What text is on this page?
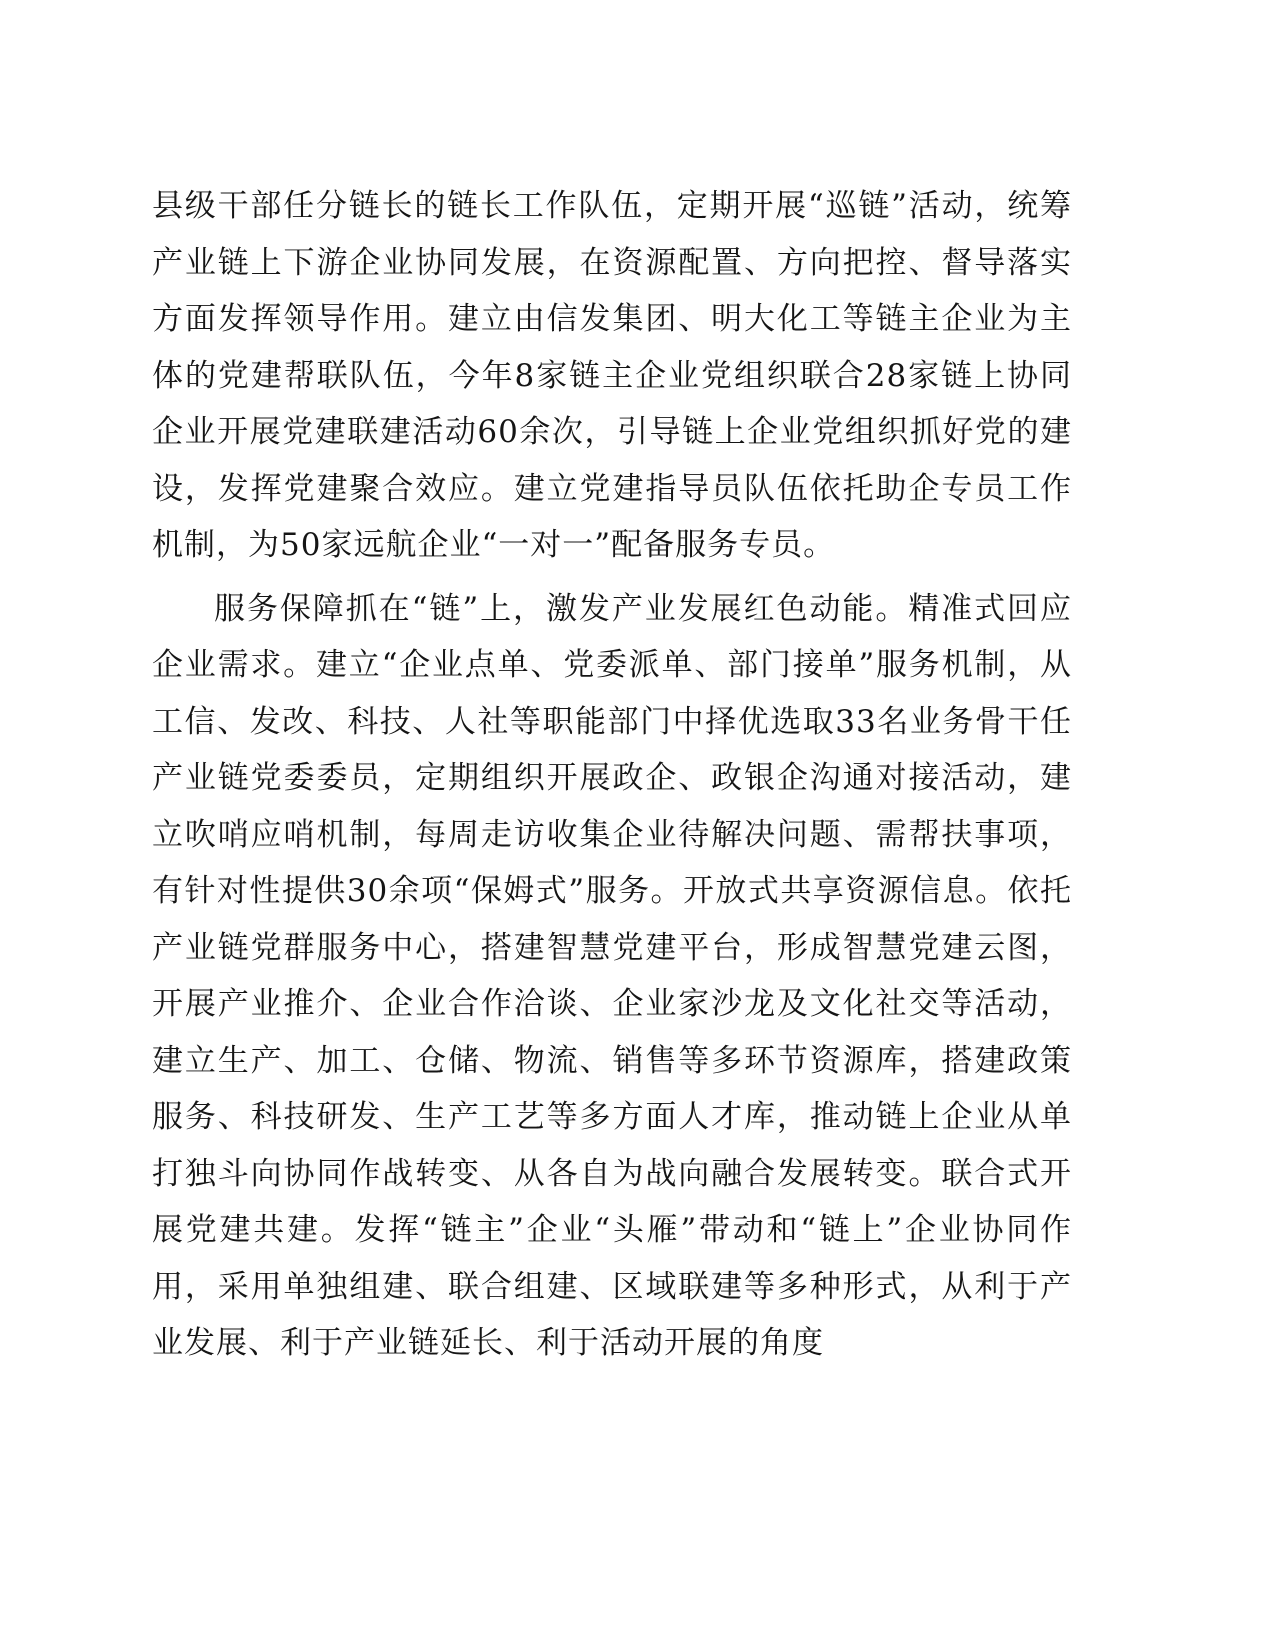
县级干部任分链长的链长工作队伍，定期开展“巡链”活动，统筹产业链上下游企业协同发展，在资源配置、方向把控、督导落实方面发挥领导作用。建立由信发集团、明大化工等链主企业为主体的党建帮联队伍，今年8家链主企业党组织联合28家链上协同企业开展党建联建活动60余次，引导链上企业党组织抓好党的建设，发挥党建聚合效应。建立党建指导员队伍依托助企专员工作机制，为50家远航企业“一对一”配备服务专员。

服务保障抓在“链”上，激发产业发展红色动能。精准式回应企业需求。建立“企业点单、党委派单、部门接单”服务机制，从工信、发改、科技、人社等职能部门中择优选取33名业务骨干任产业链党委委员，定期组织开展政企、政银企沟通对接活动，建立吹哨应哨机制，每周走访收集企业待解决问题、需帮扶事项，有针对性提供30余项“保姆式”服务。开放式共享资源信息。依托产业链党群服务中心，搭建智慧党建平台，形成智慧党建云图，开展产业推介、企业合作洽谈、企业家沙龙及文化社交等活动，建立生产、加工、仓储、物流、销售等多环节资源库，搭建政策服务、科技研发、生产工艺等多方面人才库，推动链上企业从单打独斗向协同作战转变、从各自为战向融合发展转变。联合式开展党建共建。发挥“链主”企业“头雁”带动和“链上”企业协同作用，采用单独组建、联合组建、区域联建等多种形式，从利于产业发展、利于产业链延长、利于活动开展的角度
